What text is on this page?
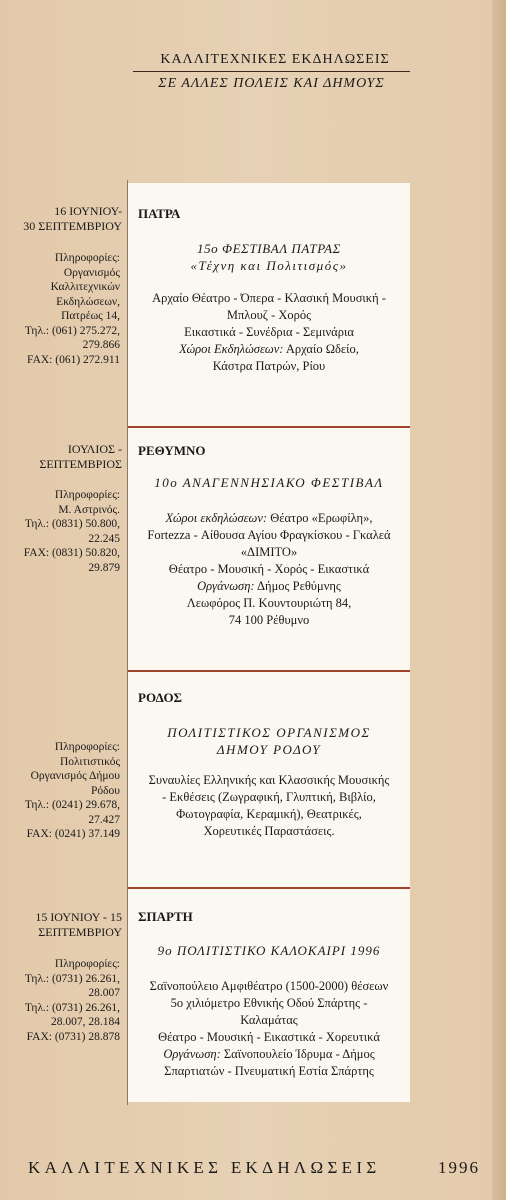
ΚΑΛΛΙΤΕΧΝΙΚΕΣ ΕΚΔΗΛΩΣΕΙΣ
ΣΕ ΑΛΛΕΣ ΠΟΛΕΙΣ ΚΑΙ ΔΗΜΟΥΣ
16 ΙΟΥΝΙΟΥ-
30 ΣΕΠΤΕΜΒΡΙΟΥ
Πληροφορίες:
Οργανισμός
Καλλιτεχνικών
Εκδηλώσεων,
Πατρέως 14,
Τηλ.: (061) 275.272,
279.866
FAX: (061) 272.911
ΠΑΤΡΑ
15ο ΦΕΣΤΙΒΑΛ ΠΑΤΡΑΣ
«Τέχνη και Πολιτισμός»
Αρχαίο Θέατρο - Όπερα - Κλασική Μουσική -
Μπλουζ - Χορός
Εικαστικά - Συνέδρια - Σεμινάρια
Χώροι Εκδηλώσεων: Αρχαίο Ωδείο,
Κάστρα Πατρών, Ρίου
ΙΟΥΛΙΟΣ -
ΣΕΠΤΕΜΒΡΙΟΣ
Πληροφορίες:
Μ. Αστρινός.
Τηλ.: (0831) 50.800,
22.245
FAX: (0831) 50.820,
29.879
ΡΕΘΥΜΝΟ
10ο ΑΝΑΓΕΝΝΗΣΙΑΚΟ ΦΕΣΤΙΒΑΛ
Χώροι εκδηλώσεων: Θέατρο «Ερωφίλη»,
Fortezza - Αίθουσα Αγίου Φραγκίσκου - Γκαλεά
«ΔΙΜΙΤΟ»
Θέατρο - Μουσική - Χορός - Εικαστικά
Οργάνωση: Δήμος Ρεθύμνης
Λεωφόρος Π. Κουντουριώτη 84,
74 100 Ρέθυμνο
Πληροφορίες:
Πολιτιστικός
Οργανισμός Δήμου
Ρόδου
Τηλ.: (0241) 29.678,
27.427
FAX: (0241) 37.149
ΡΟΔΟΣ
ΠΟΛΙΤΙΣΤΙΚΟΣ ΟΡΓΑΝΙΣΜΟΣ
ΔΗΜΟΥ ΡΟΔΟΥ
Συναυλίες Ελληνικής και Κλασσικής Μουσικής
- Εκθέσεις (Ζωγραφική, Γλυπτική, Βιβλίο,
Φωτογραφία, Κεραμική), Θεατρικές,
Χορευτικές Παραστάσεις.
15 ΙΟΥΝΙΟΥ - 15
ΣΕΠΤΕΜΒΡΙΟΥ
Πληροφορίες:
Τηλ.: (0731) 26.261,
28.007
Τηλ.: (0731) 26.261,
28.007, 28.184
FAX: (0731) 28.878
ΣΠΑΡΤΗ
9ο ΠΟΛΙΤΙΣΤΙΚΟ ΚΑΛΟΚΑΙΡΙ 1996
Σαϊνοπούλειο Αμφιθέατρο (1500-2000) θέσεων
5ο χιλιόμετρο Εθνικής Οδού Σπάρτης -
Καλαμάτας
Θέατρο - Μουσική - Εικαστικά - Χορευτικά
Οργάνωση: Σαϊνοπουλείο Ίδρυμα - Δήμος
Σπαρτιατών - Πνευματική Εστία Σπάρτης
ΚΑΛΛΙΤΕΧΝΙΚΕΣ ΕΚΔΗΛΩΣΕΙΣ	1996
